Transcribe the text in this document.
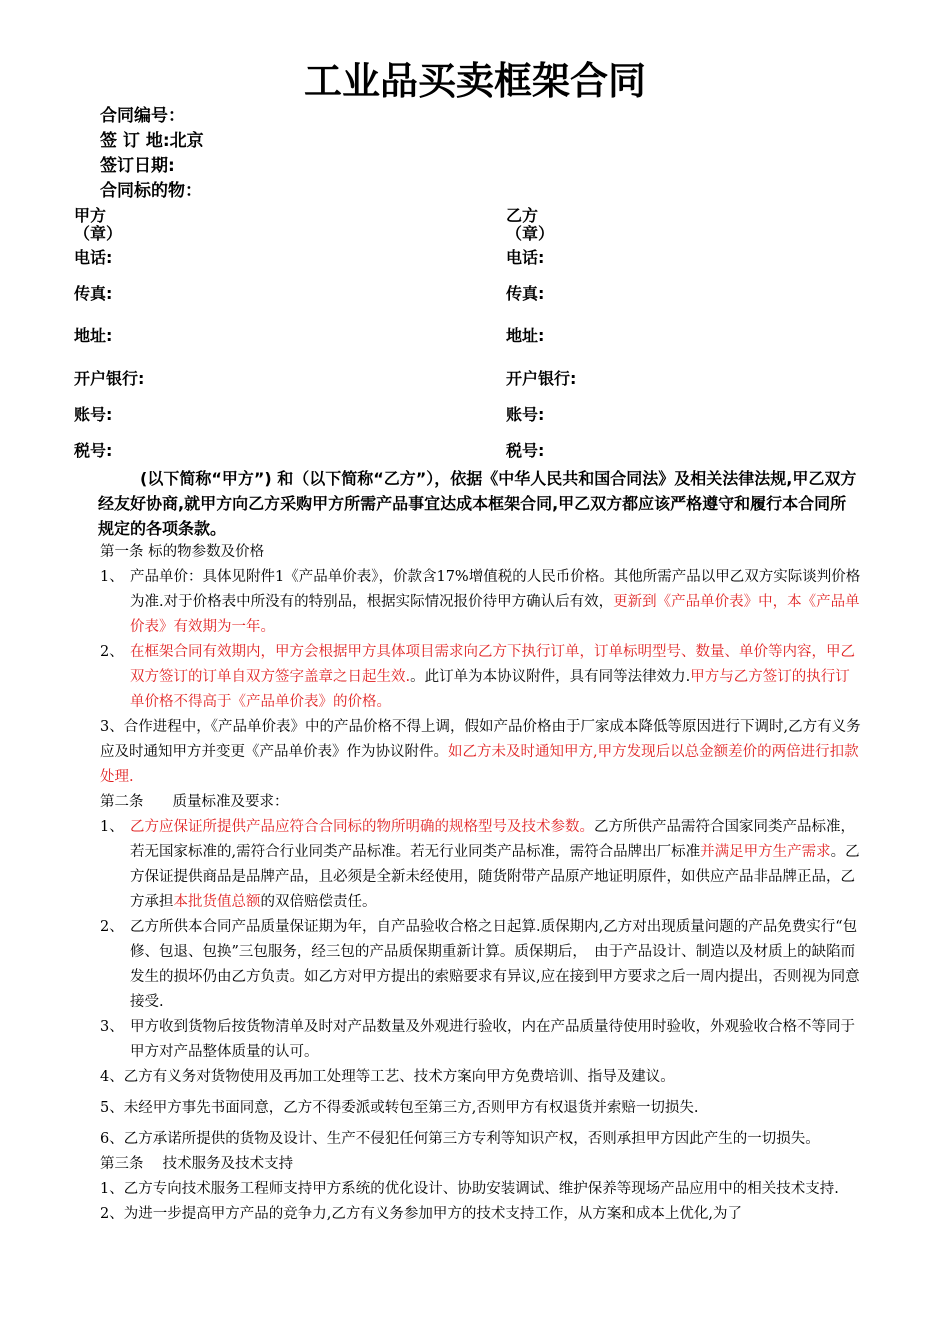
工业品买卖框架合同
合同编号：
签 订 地:北京
签订日期:
合同标的物：
甲方
（章）
电话:
传真:
地址:
开户银行:
账号:
税号:
乙方
（章）
电话:
传真:
地址:
开户银行:
账号:
税号:
(以下简称“甲方”) 和（以下简称“乙方”），依据《中华人民共和国合同法》及相关法律法规,甲乙双方经友好协商,就甲方向乙方采购甲方所需产品事宜达成本框架合同,甲乙双方都应该严格遵守和履行本合同所规定的各项条款。

第一条 标的物参数及价格

1、 产品单价：具体见附件1《产品单价表》，价款含17%增值税的人民币价格。其他所需产品以甲乙双方实际谈判价格为准.对于价格表中所没有的特别品，根据实际情况报价待甲方确认后有效，更新到《产品单价表》中，本《产品单价表》有效期为一年。

2、 在框架合同有效期内，甲方会根据甲方具体项目需求向乙方下执行订单，订单标明型号、数量、单价等内容，甲乙双方签订的订单自双方签字盖章之日起生效.。此订单为本协议附件，具有同等法律效力.甲方与乙方签订的执行订单价格不得高于《产品单价表》的价格。

3、合作进程中，《产品单价表》中的产品价格不得上调，假如产品价格由于厂家成本降低等原因进行下调时,乙方有义务应及时通知甲方并变更《产品单价表》作为协议附件。如乙方未及时通知甲方,甲方发现后以总金额差价的两倍进行扣款处理.

第二条　　质量标准及要求：

1、 乙方应保证所提供产品应符合合同标的物所明确的规格型号及技术参数。乙方所供产品需符合国家同类产品标准，若无国家标准的,需符合行业同类产品标准。若无行业同类产品标准，需符合品牌出厂标准并满足甲方生产需求。乙方保证提供商品是品牌产品，且必须是全新未经使用，随货附带产品原产地证明原件，如供应产品非品牌正品，乙方承担本批货值总额的双倍赔偿责任。

2、 乙方所供本合同产品质量保证期为年，自产品验收合格之日起算.质保期内,乙方对出现质量问题的产品免费实行“包修、包退、包换”三包服务，经三包的产品质保期重新计算。质保期后，　由于产品设计、制造以及材质上的缺陷而发生的损坏仍由乙方负责。如乙方对甲方提出的索赔要求有异议,应在接到甲方要求之后一周内提出，否则视为同意接受.

3、 甲方收到货物后按货物清单及时对产品数量及外观进行验收，内在产品质量待使用时验收，外观验收合格不等同于甲方对产品整体质量的认可。

4、乙方有义务对货物使用及再加工处理等工艺、技术方案向甲方免费培训、指导及建议。

5、未经甲方事先书面同意，乙方不得委派或转包至第三方,否则甲方有权退货并索赔一切损失.

6、乙方承诺所提供的货物及设计、生产不侵犯任何第三方专利等知识产权，否则承担甲方因此产生的一切损失。

第三条　 技术服务及技术支持

1、乙方专向技术服务工程师支持甲方系统的优化设计、协助安装调试、维护保养等现场产品应用中的相关技术支持.

2、为进一步提高甲方产品的竞争力,乙方有义务参加甲方的技术支持工作，从方案和成本上优化,为了
